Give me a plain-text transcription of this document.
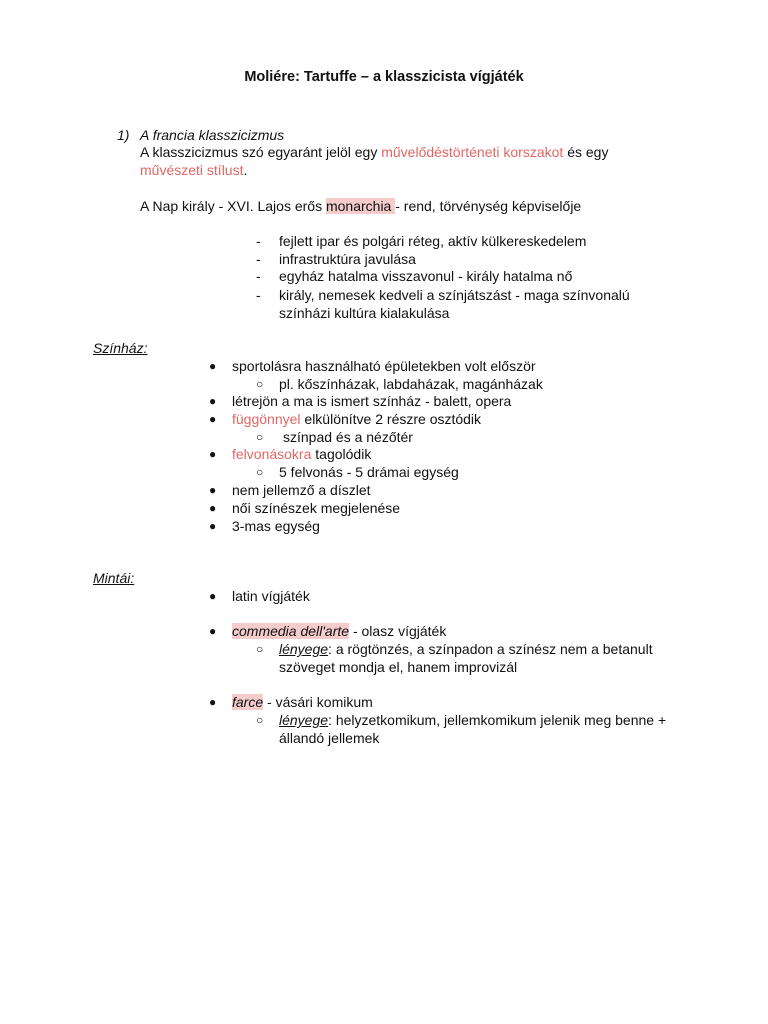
Moliére: Tartuffe – a klasszicista vígjáték
1) A francia klasszicizmus
A klasszicizmus szó egyaránt jelöl egy művelődéstörténeti korszakot és egy
művészeti stílust.
A Nap király - XVI. Lajos erős monarchia - rend, törvénység képviselője
- fejlett ipar és polgári réteg, aktív külkereskedelem
- infrastruktúra javulása
- egyház hatalma visszavonul - király hatalma nő
- király, nemesek kedveli a színjátszást - maga színvonalú
színházi kultúra kialakulása
Színház:
● sportolásra használható épületekben volt először
○ pl. kőszínházak, labdaházak, magánházak
● létrejön a ma is ismert színház - balett, opera
● függönnyel elkülönítve 2 részre osztódik
○ színpad és a nézőtér
● felvonásokra tagolódik
○ 5 felvonás - 5 drámai egység
● nem jellemző a díszlet
● női színészek megjelenése
● 3-mas egység
Mintái:
● latin vígjáték
● commedia dell'arte - olasz vígjáték
○ lényege: a rögtönzés, a színpadon a színész nem a betanult
szöveget mondja el, hanem improvizál
● farce - vásári komikum
○ lényege: helyzetkomikum, jellemkomikum jelenik meg benne +
állandó jellemek
